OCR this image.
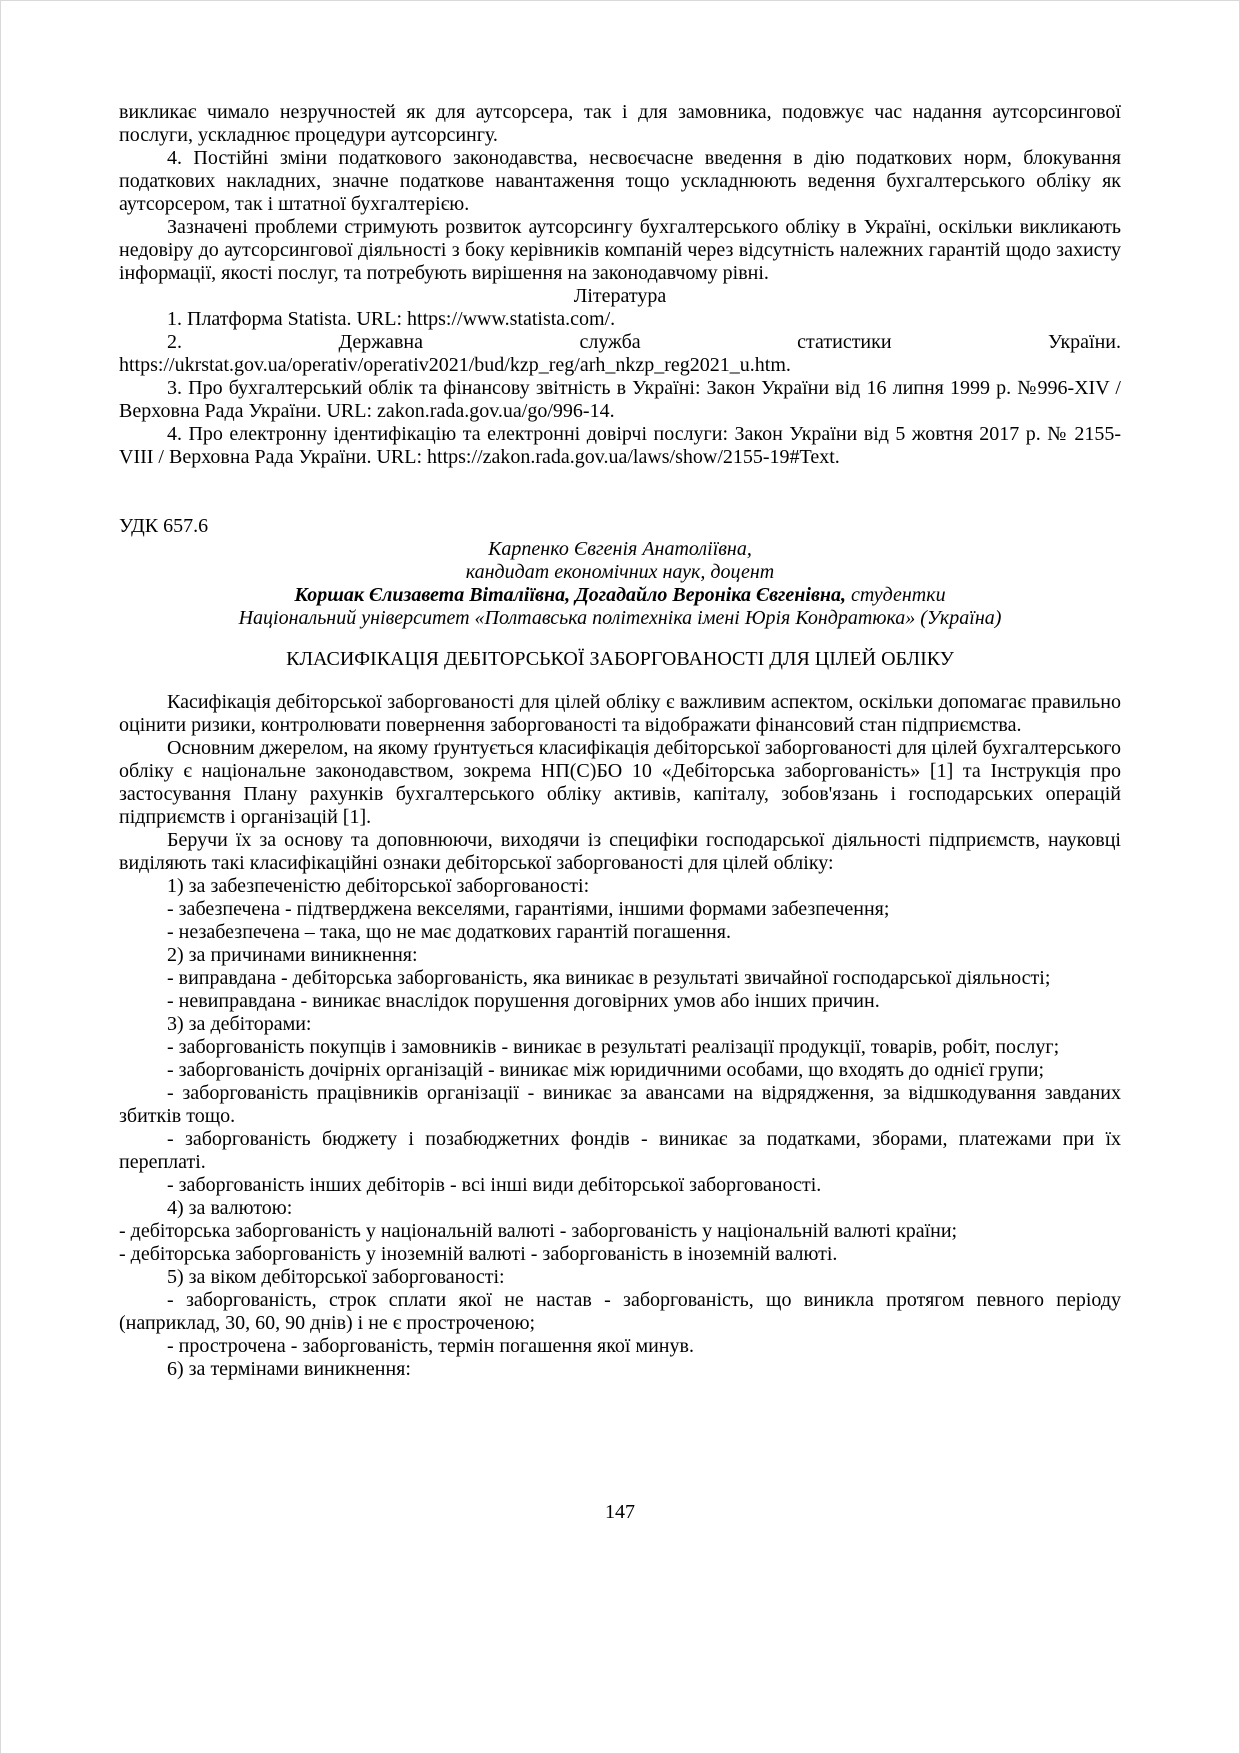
викликає чимало незручностей як для аутсорсера, так і для замовника, подовжує час надання аутсорсингової послуги, ускладнює процедури аутсорсингу.

4. Постійні зміни податкового законодавства, несвоєчасне введення в дію податкових норм, блокування податкових накладних, значне податкове навантаження тощо ускладнюють ведення бухгалтерського обліку як аутсорсером, так і штатної бухгалтерією.

Зазначені проблеми стримують розвиток аутсорсингу бухгалтерського обліку в Україні, оскільки викликають недовіру до аутсорсингової діяльності з боку керівників компаній через відсутність належних гарантій щодо захисту інформації, якості послуг, та потребують вирішення на законодавчому рівні.

Література

1. Платформа Statista. URL: https://www.statista.com/.

2. Державна служба статистики України. https://ukrstat.gov.ua/operativ/operativ2021/bud/kzp_reg/arh_nkzp_reg2021_u.htm.

3. Про бухгалтерський облік та фінансову звітність в Україні: Закон України від 16 липня 1999 р. №996-XIV / Верховна Рада України. URL: zakon.rada.gov.ua/go/996-14.

4. Про електронну ідентифікацію та електронні довірчі послуги: Закон України від 5 жовтня 2017 р. № 2155-VIII / Верховна Рада України. URL: https://zakon.rada.gov.ua/laws/show/2155-19#Text.

УДК 657.6

Карпенко Євгенія Анатоліївна,

кандидат економічних наук, доцент

Коршак Єлизавета Віталіївна, Догадайло Вероніка Євгенівна, студентки

Національний університет «Полтавська політехніка імені Юрія Кондратюка» (Україна)

КЛАСИФІКАЦІЯ ДЕБІТОРСЬКОЇ ЗАБОРГОВАНОСТІ ДЛЯ ЦІЛЕЙ ОБЛІКУ

Касифікація дебіторської заборгованості для цілей обліку є важливим аспектом, оскільки допомагає правильно оцінити ризики, контролювати повернення заборгованості та відображати фінансовий стан підприємства.

Основним джерелом, на якому ґрунтується класифікація дебіторської заборгованості для цілей бухгалтерського обліку є національне законодавством, зокрема НП(С)БО 10 «Дебіторська заборгованість» [1] та Інструкція про застосування Плану рахунків бухгалтерського обліку активів, капіталу, зобов'язань і господарських операцій підприємств і організацій [1].

Беручи їх за основу та доповнюючи, виходячи із специфіки господарської діяльності підприємств, науковці виділяють такі класифікаційні ознаки дебіторської заборгованості для цілей обліку:

1) за забезпеченістю дебіторської заборгованості:

- забезпечена - підтверджена векселями, гарантіями, іншими формами забезпечення;

- незабезпечена – така, що не має додаткових гарантій погашення.

2) за причинами виникнення:

- виправдана - дебіторська заборгованість, яка виникає в результаті звичайної господарської діяльності;

- невиправдана - виникає внаслідок порушення договірних умов або інших причин.

3) за дебіторами:

- заборгованість покупців і замовників - виникає в результаті реалізації продукції, товарів, робіт, послуг;

- заборгованість дочірніх організацій - виникає між юридичними особами, що входять до однієї групи;

- заборгованість працівників організації - виникає за авансами на відрядження, за відшкодування завданих збитків тощо.

- заборгованість бюджету і позабюджетних фондів - виникає за податками, зборами, платежами при їх переплаті.

- заборгованість інших дебіторів - всі інші види дебіторської заборгованості.

4) за валютою:

- дебіторська заборгованість у національній валюті - заборгованість у національній валюті країни;

- дебіторська заборгованість у іноземній валюті - заборгованість в іноземній валюті.

5) за віком дебіторської заборгованості:

- заборгованість, строк сплати якої не настав - заборгованість, що виникла протягом певного періоду (наприклад, 30, 60, 90 днів) і не є простроченою;

- прострочена - заборгованість, термін погашення якої минув.

6) за термінами виникнення:

147
